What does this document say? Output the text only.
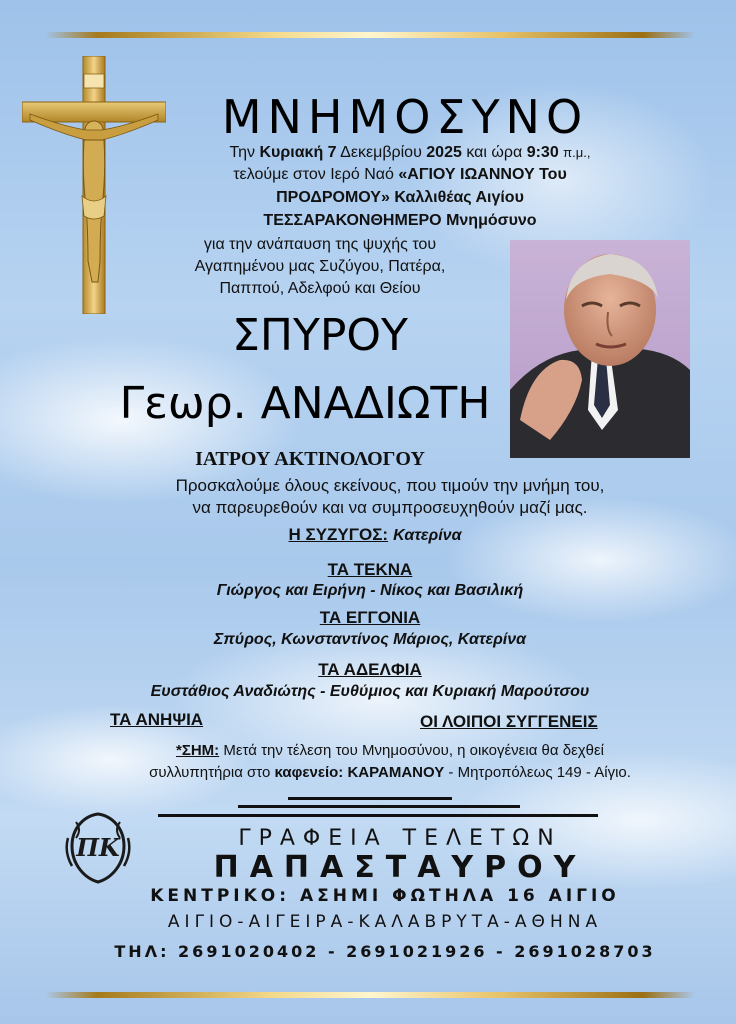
ΜΝΗΜΟΣΥΝΟ
Την Κυριακή 7 Δεκεμβρίου 2025 και ώρα 9:30 π.μ.,
τελούμε στον Ιερό Ναό «ΑΓΙΟΥ ΙΩΑΝΝΟΥ Του
ΠΡΟΔΡΟΜΟΥ» Καλλιθέας Αιγίου
ΤΕΣΣΑΡΑΚΟΝΘΗΜΕΡΟ Μνημόσυνο
για την ανάπαυση της ψυχής του
Αγαπημένου μας Συζύγου, Πατέρα,
Παππού, Αδελφού και Θείου
ΣΠΥΡΟΥ
Γεωρ. ΑΝΑΔΙΩΤΗ
ΙΑΤΡΟΥ ΑΚΤΙΝΟΛΟΓΟΥ
Προσκαλούμε όλους εκείνους, που τιμούν την μνήμη του,
να παρευρεθούν και να συμπροσευχηθούν μαζί μας.
Η ΣΥΖΥΓΟΣ: Κατερίνα
ΤΑ ΤΕΚΝΑ
Γιώργος και Ειρήνη - Νίκος και Βασιλική
ΤΑ ΕΓΓΟΝΙΑ
Σπύρος, Κωνσταντίνος Μάριος, Κατερίνα
ΤΑ ΑΔΕΛΦΙΑ
Ευστάθιος Αναδιώτης - Ευθύμιος και Κυριακή Μαρούτσου
ΤΑ ΑΝΗΨΙΑ	ΟΙ ΛΟΙΠΟΙ ΣΥΓΓΕΝΕΙΣ
*ΣΗΜ: Μετά την τέλεση του Μνημοσύνου, η οικογένεια θα δεχθεί
συλλυπητήρια στο καφενείο: ΚΑΡΑΜΑΝΟΥ - Μητροπόλεως 149 - Αίγιο.
ΠΚ	ΓΡΑΦΕΙΑ ΤΕΛΕΤΩΝ
ΠΑΠΑΣΤΑΥΡΟΥ
ΚΕΝΤΡΙΚΟ: ΑΣΗΜΙ ΦΩΤΗΛΑ 16 ΑΙΓΙΟ
ΑΙΓΙΟ-ΑΙΓΕΙΡΑ-ΚΑΛΑΒΡΥΤΑ-ΑΘΗΝΑ
ΤΗΛ: 2691020402 - 2691021926 - 2691028703
